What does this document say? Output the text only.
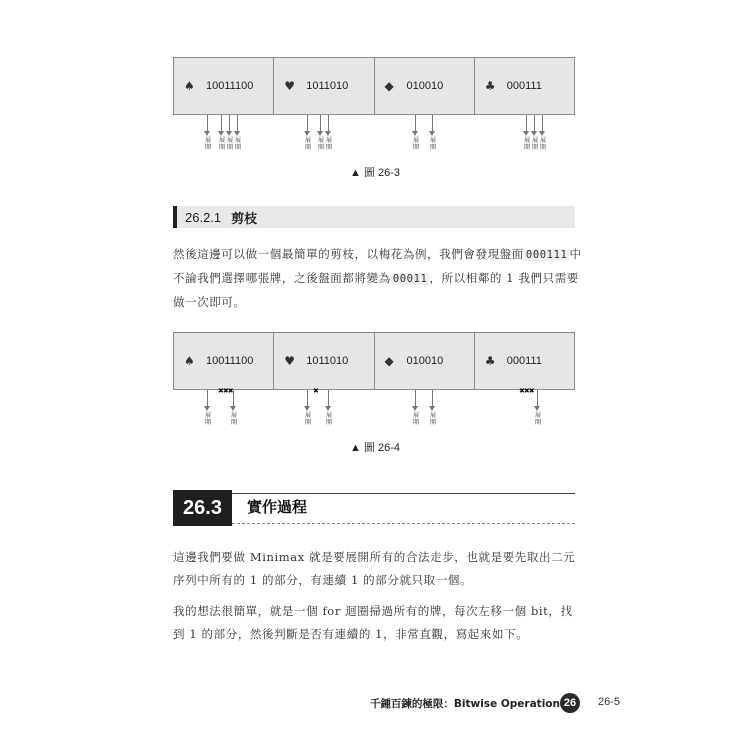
♠	10011100	♥	1011010	◆	010010	♣	000111
展開
展開
展開
展開
展開
展開
展開
展開
展開
展開
展開
展開
▲ 圖 26-3
26.2.1 剪枝
然後這邊可以做一個最簡單的剪枝，以梅花為例，我們會發現盤面 000111 中不論我們選擇哪張牌，之後盤面都將變為 00011 ，所以相鄰的 1 我們只需要做一次即可。
♠	10011100	♥	1011010	◆	010010	♣	000111
✖✖✖	✖	✖✖✖
展開
展開
展開
展開
展開
展開
展開
▲ 圖 26-4
26.3	實作過程
這邊我們要做 Minimax 就是要展開所有的合法走步，也就是要先取出二元序列中所有的 1 的部分，有連續 1 的部分就只取一個。
我的想法很簡單，就是一個 for 迴圈掃過所有的牌，每次左移一個 bit，找到 1 的部分，然後判斷是否有連續的 1，非常直觀，寫起來如下。
千鍾百鍊的極限：Bitwise Operation 26	26-5
